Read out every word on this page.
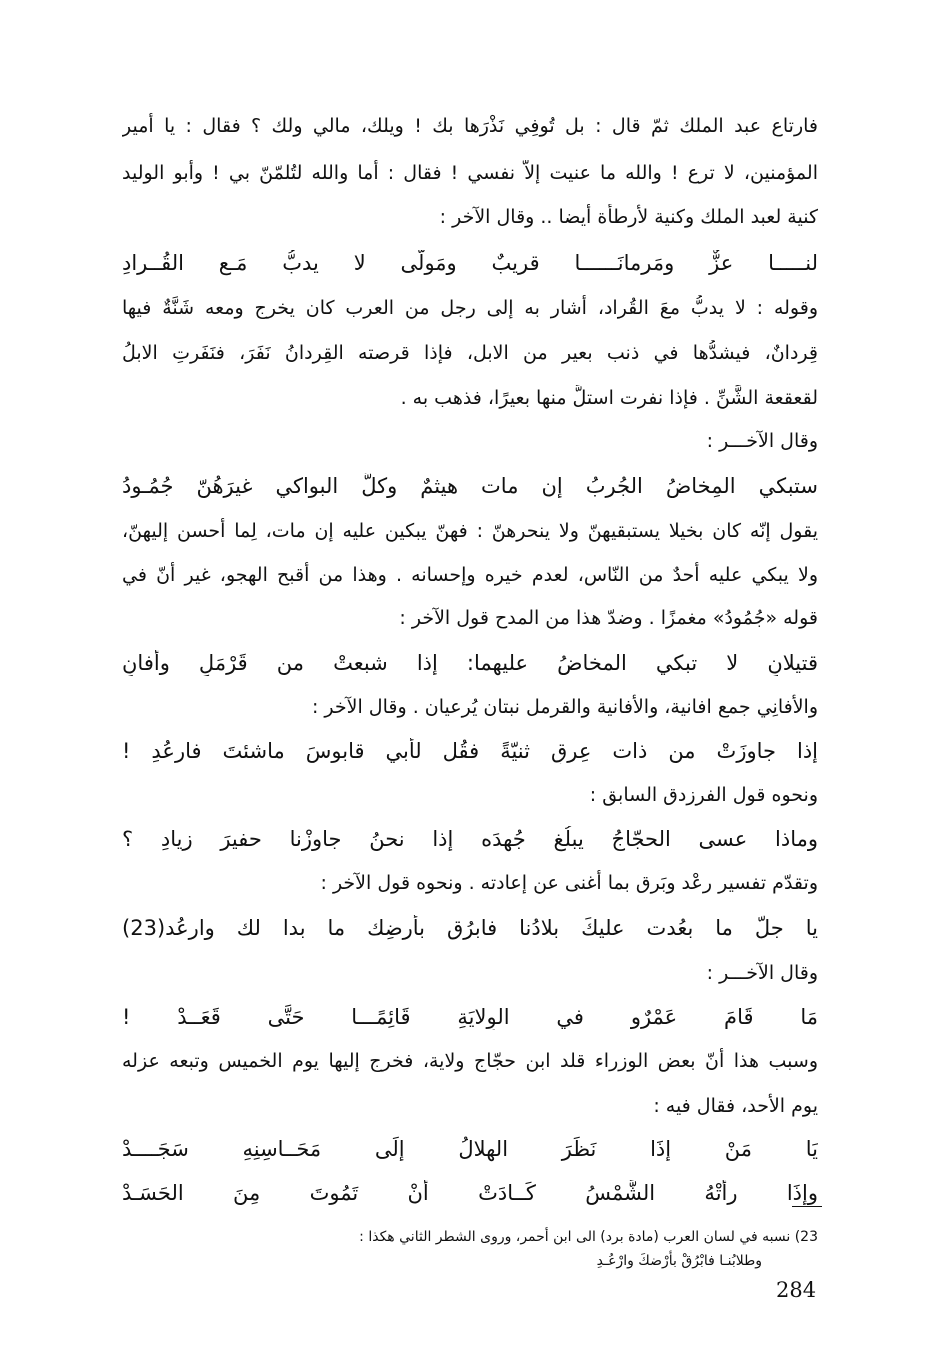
فارتاع عبد الملك ثمّ قال : بل تُوفِي نَذْرَها بك ! ويلك، مالي ولك ؟ فقال : يا أمير
المؤمنين، لا ترع ! والله ما عنيت إلاّ نفسي ! فقال : أما والله لتُلمّنّ بي ! وأبو الوليد
كنية لعبد الملك وكنية لأرطأة أيضا .. وقال الآخر :
لنـــــا عزٌّ ومَرمانَــــــا قريبٌ ومَولّى لا يدبُّ مَـع القُــرادِ
وقوله : لا يدبُّ معَ القُراد، أشار به إلى رجل من العرب كان يخرج ومعه شَنَّةٌ فيها
قِردانٌ، فيشدُّها في ذنب بعير من الابل، فإذا قرصته القِردانُ نَفَرَ، فنَفَرتِ الابلُ
لقعقعة الشَّنِّ . فإذا نفرت استلَّ منها بعيرًا، فذهب به .
وقال الآخـــر :
ستبكي المِخاضُ الجُربُ إن مات هيثمٌ وكلُّ البواكي غيرَهُنّ جُمُـودُ
يقول إنّه كان بخيلا يستبقيهنّ ولا ينحرهنّ : فهنّ يبكين عليه إن مات، لِما أحسن إليهنّ،
ولا يبكي عليه أحدٌ من النّاس، لعدم خيره وإحسانه . وهذا من أقبح الهجو، غير أنّ في
قوله «جُمُودُ» مغمزًا . وضدّ هذا من المدح قول الآخر :
قتيلانِ لا تبكي المخاضُ عليهما: إذا شبعتْ من قَرْمَلٍ وأفانِ
والأفانِي جمع افانية، والأفانية والقرمل نبتان يُرعيان . وقال الآخر :
إذا جاوزَتْ من ذات عِرقٍ ثنيّةً فقُل لأبي قابوسَ ماشئتَ فارعُدِ !
ونحوه قول الفرزدق السابق :
وماذا عسى الحجّاجُ يبلُغ جُهدَه إذا نحنُ جاوزْنا حفيرَ زيادِ ؟
وتقدّم تفسير رعْد وبَرق بما أغنى عن إعادته . ونحوه قول الآخر :
يا جلّ ما بعُدت عليكَ بلادُنا فابرُق بأرضِك ما بدا لك وارعُد(23)
وقال الآخـــر :
مَا قَامَ عَمْرٌو في الوِلايَةِ قَائِمًـــا حَتَّى قَعَــدْ !
وسبب هذا أنّ بعض الوزراء قلد ابن حجّاج ولاية، فخرج إليها يوم الخميس وتبعه عزله
يوم الأحد، فقال فيه :
يَا مَنْ إذَا نَظَرَ الهِلالُ إلَى مَحَــاسِنِهِ سَجَــــدْ
وإذَا رأتْهُ الشَّمْسُ كَــادَتْ أنْ تَمُوتَ مِنَ الحَسَـدْ
23) نسبه في لسان العرب (مادة برد) الى ابن أحمر، وروى الشطر الثاني هكذا :
وطلابُنـا فابْرُقْ بأرْضكَ وارْعُـدِ
284
